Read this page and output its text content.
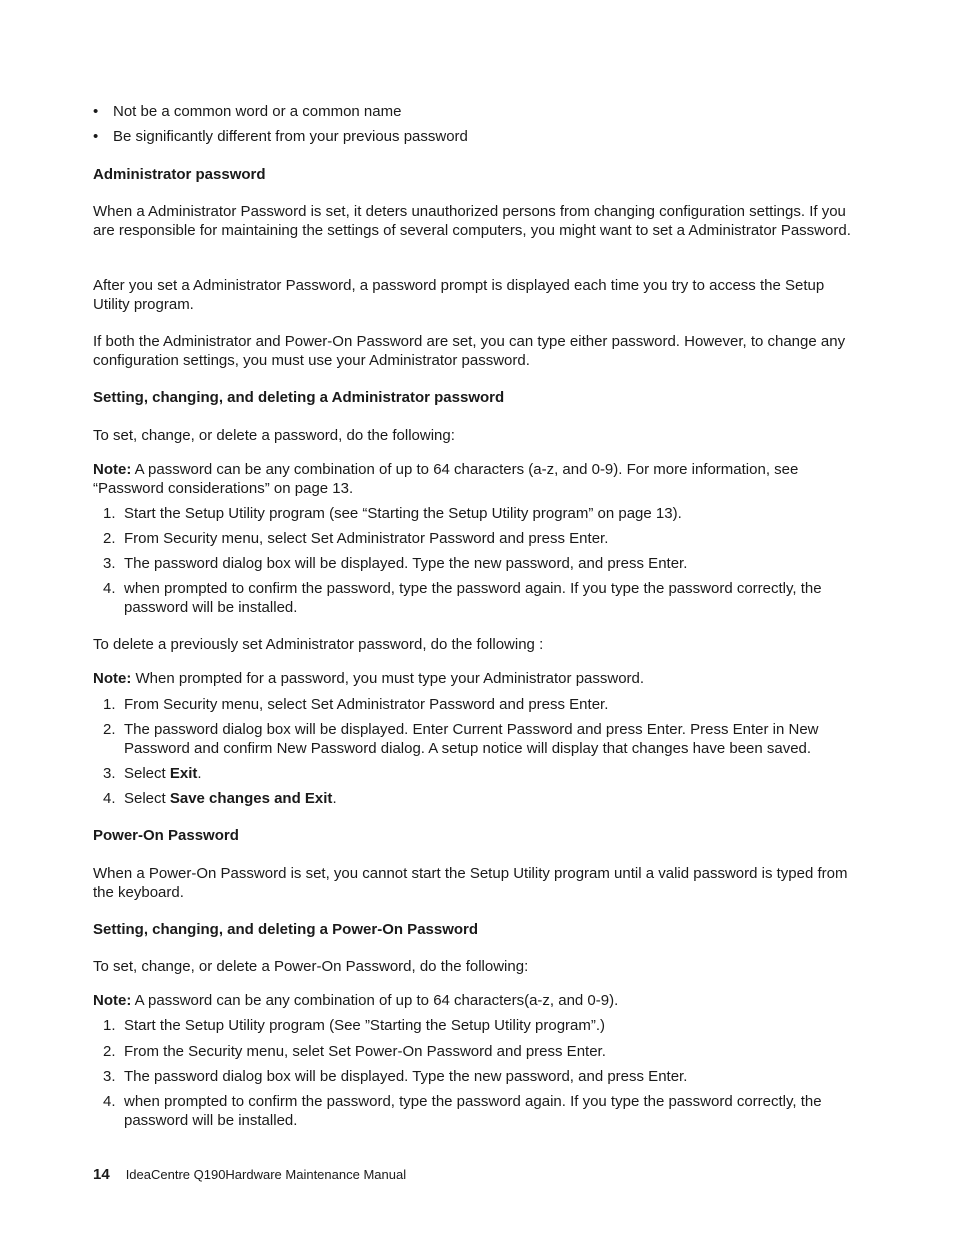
• Not be a common word or a common name
• Be significantly different from your previous password
Administrator password
When a Administrator Password is set, it deters unauthorized persons from changing configuration settings. If you are responsible for maintaining the settings of several computers, you might want to set a Administrator Password.
After you set a Administrator Password, a password prompt is displayed each time you try to access the Setup Utility program.
If both the Administrator and Power-On Password are set, you can type either password. However, to change any configuration settings, you must use your Administrator password.
Setting, changing, and deleting a Administrator password
To set, change, or delete a password, do the following:
Note: A password can be any combination of up to 64 characters (a-z, and 0-9). For more information, see “Password considerations” on page 13.
1. Start the Setup Utility program (see “Starting the Setup Utility program” on page 13).
2. From Security menu, select Set Administrator Password and press Enter.
3. The password dialog box will be displayed. Type the new password, and press Enter.
4. when prompted to confirm the password, type the password again. If you type the password correctly, the password will be installed.
To delete a previously set Administrator password, do the following :
Note: When prompted for a password, you must type your Administrator password.
1. From Security menu, select Set Administrator Password and press Enter.
2. The password dialog box will be displayed. Enter Current Password and press Enter. Press Enter in New Password and confirm New Password dialog. A setup notice will display that changes have been saved.
3. Select Exit.
4. Select Save changes and Exit.
Power-On Password
When a Power-On Password is set, you cannot start the Setup Utility program until a valid password is typed from the keyboard.
Setting, changing, and deleting a Power-On Password
To set, change, or delete a Power-On Password, do the following:
Note: A password can be any combination of up to 64 characters(a-z, and 0-9).
1. Start the Setup Utility program (See ”Starting the Setup Utility program”.)
2. From the Security menu, selet Set Power-On Password and press Enter.
3. The password dialog box will be displayed. Type the new password, and press Enter.
4. when prompted to confirm the password, type the password again. If you type the password correctly, the password will be installed.
14 IdeaCentre Q190Hardware Maintenance Manual
